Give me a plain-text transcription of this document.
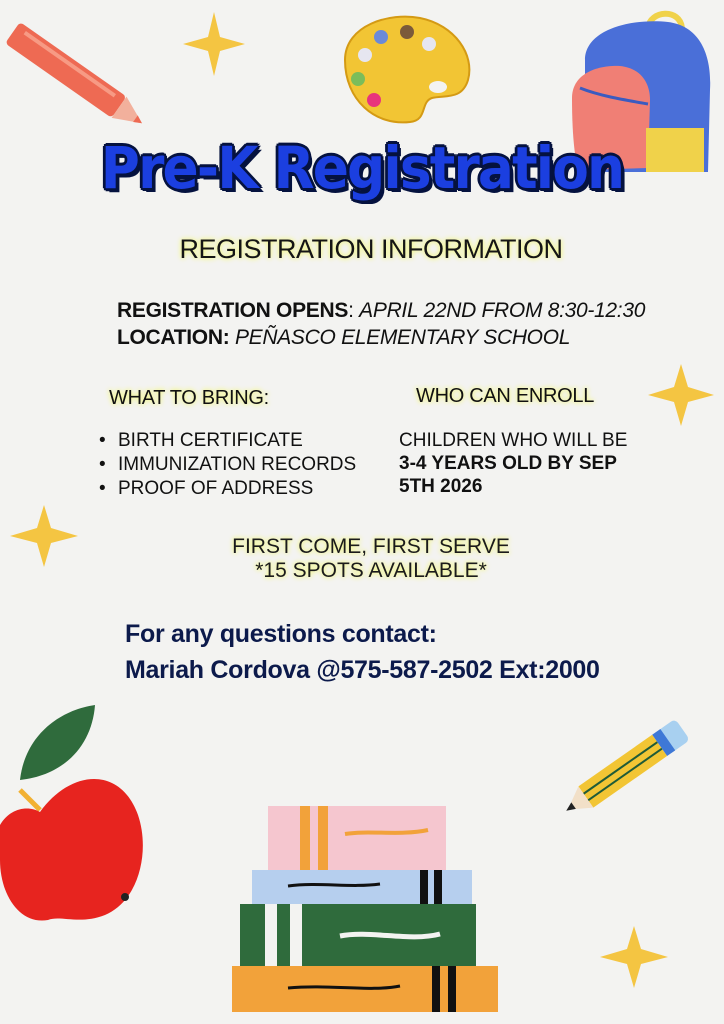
Pre-K Registration
REGISTRATION INFORMATION
REGISTRATION OPENS: APRIL 22ND FROM 8:30-12:30
LOCATION: PEÑASCO ELEMENTARY SCHOOL
WHAT TO BRING:	WHO CAN ENROLL
• BIRTH CERTIFICATE
• IMMUNIZATION RECORDS
• PROOF OF ADDRESS
CHILDREN WHO WILL BE
3-4 YEARS OLD BY SEP
5TH 2026
FIRST COME, FIRST SERVE
*15 SPOTS AVAILABLE*
For any questions contact:
Mariah Cordova @575-587-2502 Ext:2000
